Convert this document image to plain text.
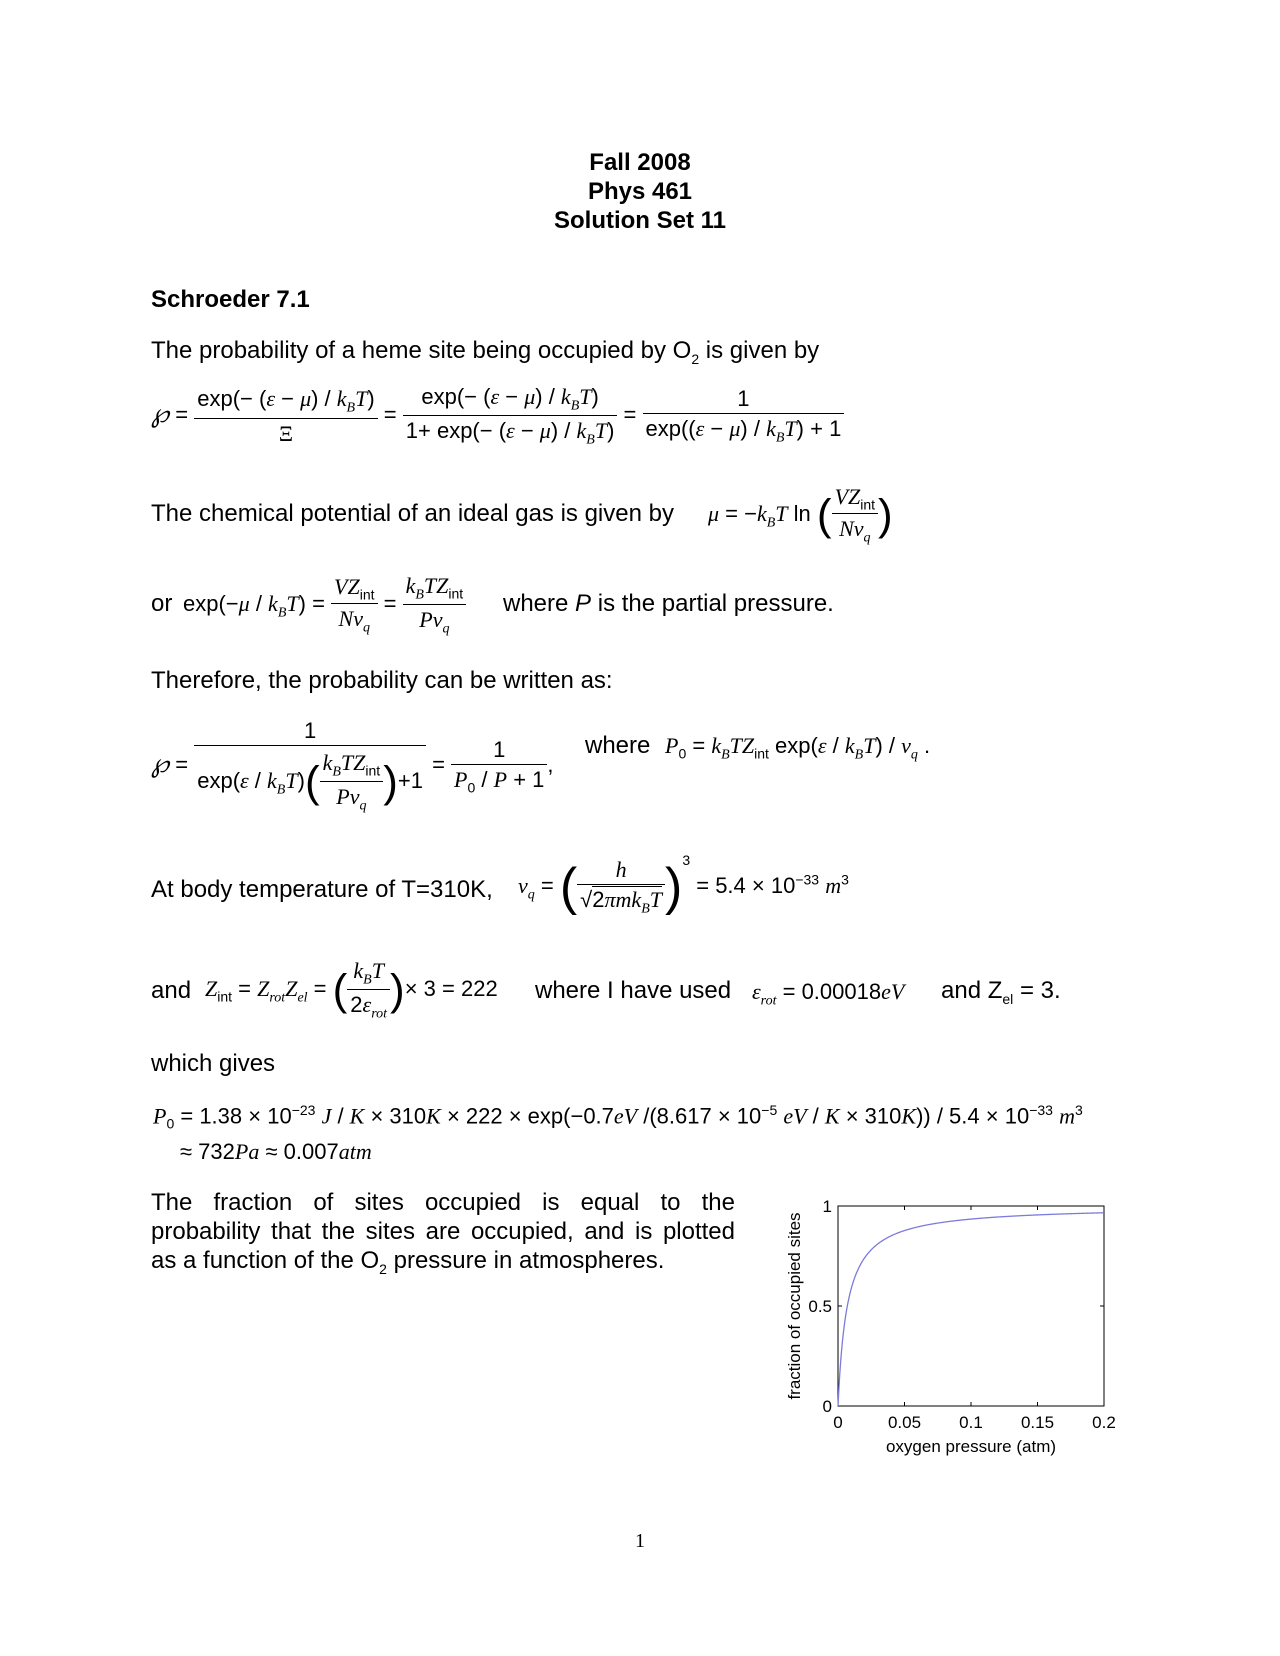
Fall 2008
Phys 461
Solution Set 11
Schroeder 7.1
The probability of a heme site being occupied by $O_2$ is given by
℘ = $\frac{\exp(- (\varepsilon - \mu) / k_BT)}{\Xi} = \frac{\exp(- (\varepsilon - \mu) / k_BT)}{1+ \exp(- (\varepsilon - \mu) / k_BT)} = \frac{1}{\exp((\varepsilon - \mu) / k_BT) + 1}$
The chemical potential of an ideal gas is given by $\mu = -k_BT$ ln ( $\frac{VZ_{int}}{Nv_q}$ )
or $\exp(-\mu / k_BT) = \frac{VZ_{int}}{Nv_q} = \frac{k_BTZ_{int}}{Pv_q}$ where P is the partial pressure.
Therefore, the probability can be written as:
℘ = $\frac{1}{\exp(\varepsilon / k_BT)( \frac{k_BTZ_{int}}{Pv_q} )+1} = \frac{1}{P_0 / P + 1}$ ,
where $P_0 = k_BTZ_{int}$ $\exp(\varepsilon / k_BT) / v_q$ .
At body temperature of T=310K, $v_q$ = ( $\frac{h}{√2\pi mk_BT} )^3 = 5.4 \times 10^{-33}$ $m^3$
and $Z_{int} = Z_{rot}Z_{el}$ = ( $\frac{k_BT}{2\varepsilon_{rot}}$ )× 3 = 222 where I have used $\varepsilon_{rot} = 0.00018eV$ and $Z_{el} = 3$.
which gives
$P_0 = 1.38 \times 10^{-23}$ J / K × 310K × 222 × exp(−0.7eV $/(8.617 \times 10^{-5}$ eV / $K \times 310K)) / 5.4 \times 10^{-33}$ $m^3$
≈ 732Pa ≈ 0.007atm
The fraction of sites occupied is equal to the probability that the sites are occupied, and is plotted as a function of the $O_2$ pressure in atmospheres.
0	0.05 0.1 0.15 0.2
0
0.5
1
oxygen pressure (atm)
fraction of occupied sites
1
